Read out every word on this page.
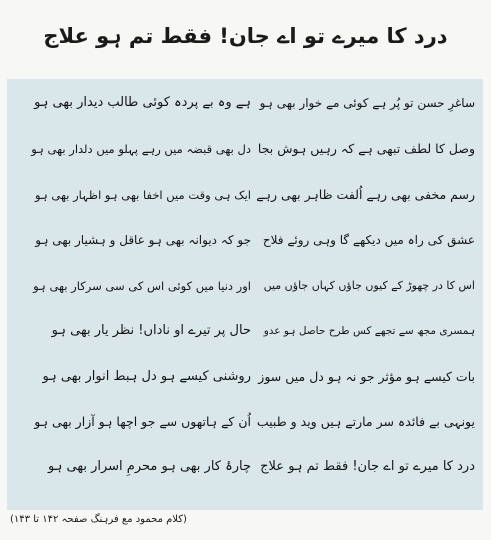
درد کا میرے تو اے جان! فقط تم ہو علاج
ساغرِ حسن تو پُر ہے کوئی مے خوار بھی ہو
وصل کا لطف تبھی ہے کہ رہیں ہوش بجا
رسم مخفی بھی رہے اُلفت ظاہر بھی رہے
عشق کی راہ میں دیکھے گا وہی روئے فلاح
اس کا در چھوڑ کے کیوں جاؤں کہاں جاؤں میں
ہمسری مجھ سے تجھے کس طرح حاصل ہو عدو
بات کیسے ہو مؤثر جو نہ ہو دل میں سوز
یونہی بے فائدہ سر مارتے ہیں وید و طبیب
درد کا میرے تو اے جان! فقط تم ہو علاج
ہے وہ بے پردہ کوئی طالب دیدار بھی ہو
دل بھی قبضہ میں رہے پہلو میں دلدار بھی ہو
ایک ہی وقت میں اخفا بھی ہو اظہار بھی ہو
جو کہ دیوانہ بھی ہو عاقل و ہشیار بھی ہو
اور دنیا میں کوئی اس کی سی سرکار بھی ہو
حال پر تیرے او ناداں! نظر یار بھی ہو
روشنی کیسے ہو دل ہبط انوار بھی ہو
اُن کے ہاتھوں سے جو اچھا ہو آزار بھی ہو
چارۂ کار بھی ہو محرمِ اسرار بھی ہو
(کلام محمود مع فرہنگ صفحہ ۱۴۲ تا ۱۴۳)
